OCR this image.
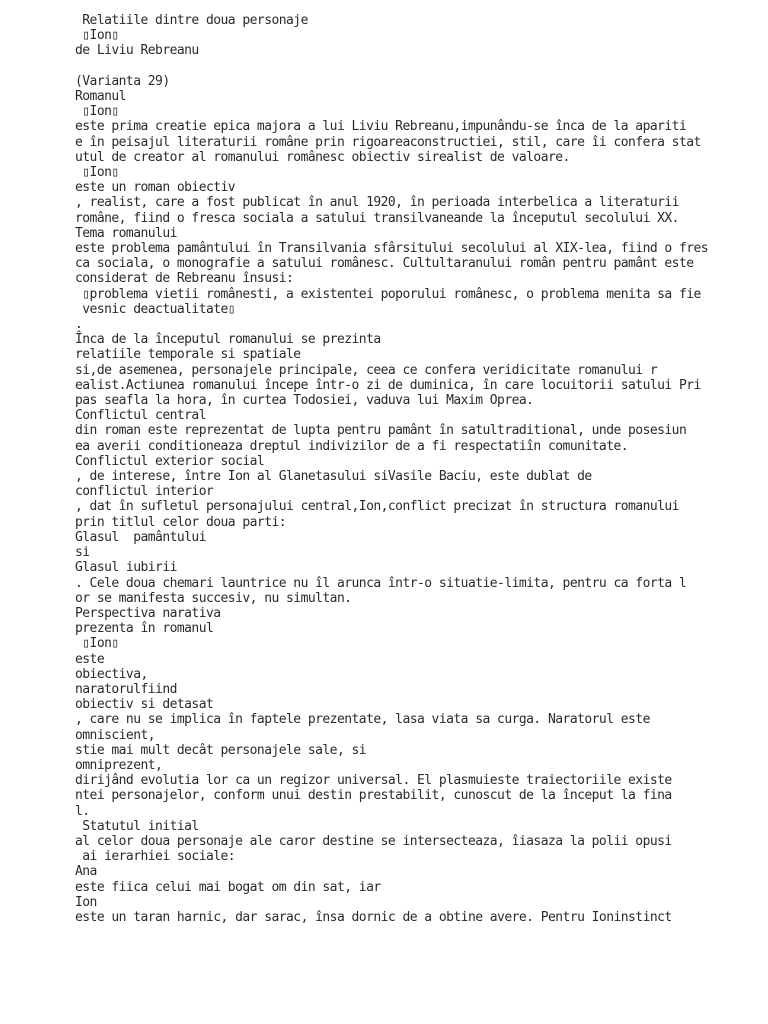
Relatiile dintre doua personaje
▯Ion▯
de Liviu Rebreanu
(Varianta 29)
Romanul
▯Ion▯
este prima creatie epica majora a lui Liviu Rebreanu,impunându-se înca de la apariti
e în peisajul literaturii române prin rigoareaconstructiei, stil, care îi confera stat
utul de creator al romanului românesc obiectiv sirealist de valoare.
▯Ion▯
este un roman obiectiv
, realist, care a fost publicat în anul 1920, în perioada interbelica a literaturii
române, fiind o fresca sociala a satului transilvaneande la începutul secolului XX.
Tema romanului
este problema pamântului în Transilvania sfârsitului secolului al XIX-lea, fiind o fres
ca sociala, o monografie a satului românesc. Cultultaranului român pentru pamânt este
considerat de Rebreanu însusi:
▯problema vietii românesti, a existentei poporului românesc, o problema menita sa fie
vesnic deactualitate▯
.
Înca de la începutul romanului se prezinta
relatiile temporale si spatiale
si,de asemenea, personajele principale, ceea ce confera veridicitate romanului r
ealist.Actiunea romanului începe într-o zi de duminica, în care locuitorii satului Pri
pas seafla la hora, în curtea Todosiei, vaduva lui Maxim Oprea.
Conflictul central
din roman este reprezentat de lupta pentru pamânt în satultraditional, unde posesiun
ea averii conditioneaza dreptul indivizilor de a fi respectatiîn comunitate.
Conflictul exterior social
, de interese, între Ion al Glanetasului siVasile Baciu, este dublat de
conflictul interior
, dat în sufletul personajului central,Ion,conflict precizat în structura romanului
prin titlul celor doua parti:
Glasul  pamântului
si
Glasul iubirii
. Cele doua chemari launtrice nu îl arunca într-o situatie-limita, pentru ca forta l
or se manifesta succesiv, nu simultan.
Perspectiva narativa
prezenta în romanul
▯Ion▯
este
obiectiva,
naratorulfiind
obiectiv si detasat
, care nu se implica în faptele prezentate, lasa viata sa curga. Naratorul este
omniscient,
stie mai mult decât personajele sale, si
omniprezent,
dirijând evolutia lor ca un regizor universal. El plasmuieste traiectoriile existe
ntei personajelor, conform unui destin prestabilit, cunoscut de la început la fina
l.
Statutul initial
al celor doua personaje ale caror destine se intersecteaza, îiasaza la polii opusi
ai ierarhiei sociale:
Ana
este fiica celui mai bogat om din sat, iar
Ion
este un taran harnic, dar sarac, însa dornic de a obtine avere. Pentru Ioninstinct
